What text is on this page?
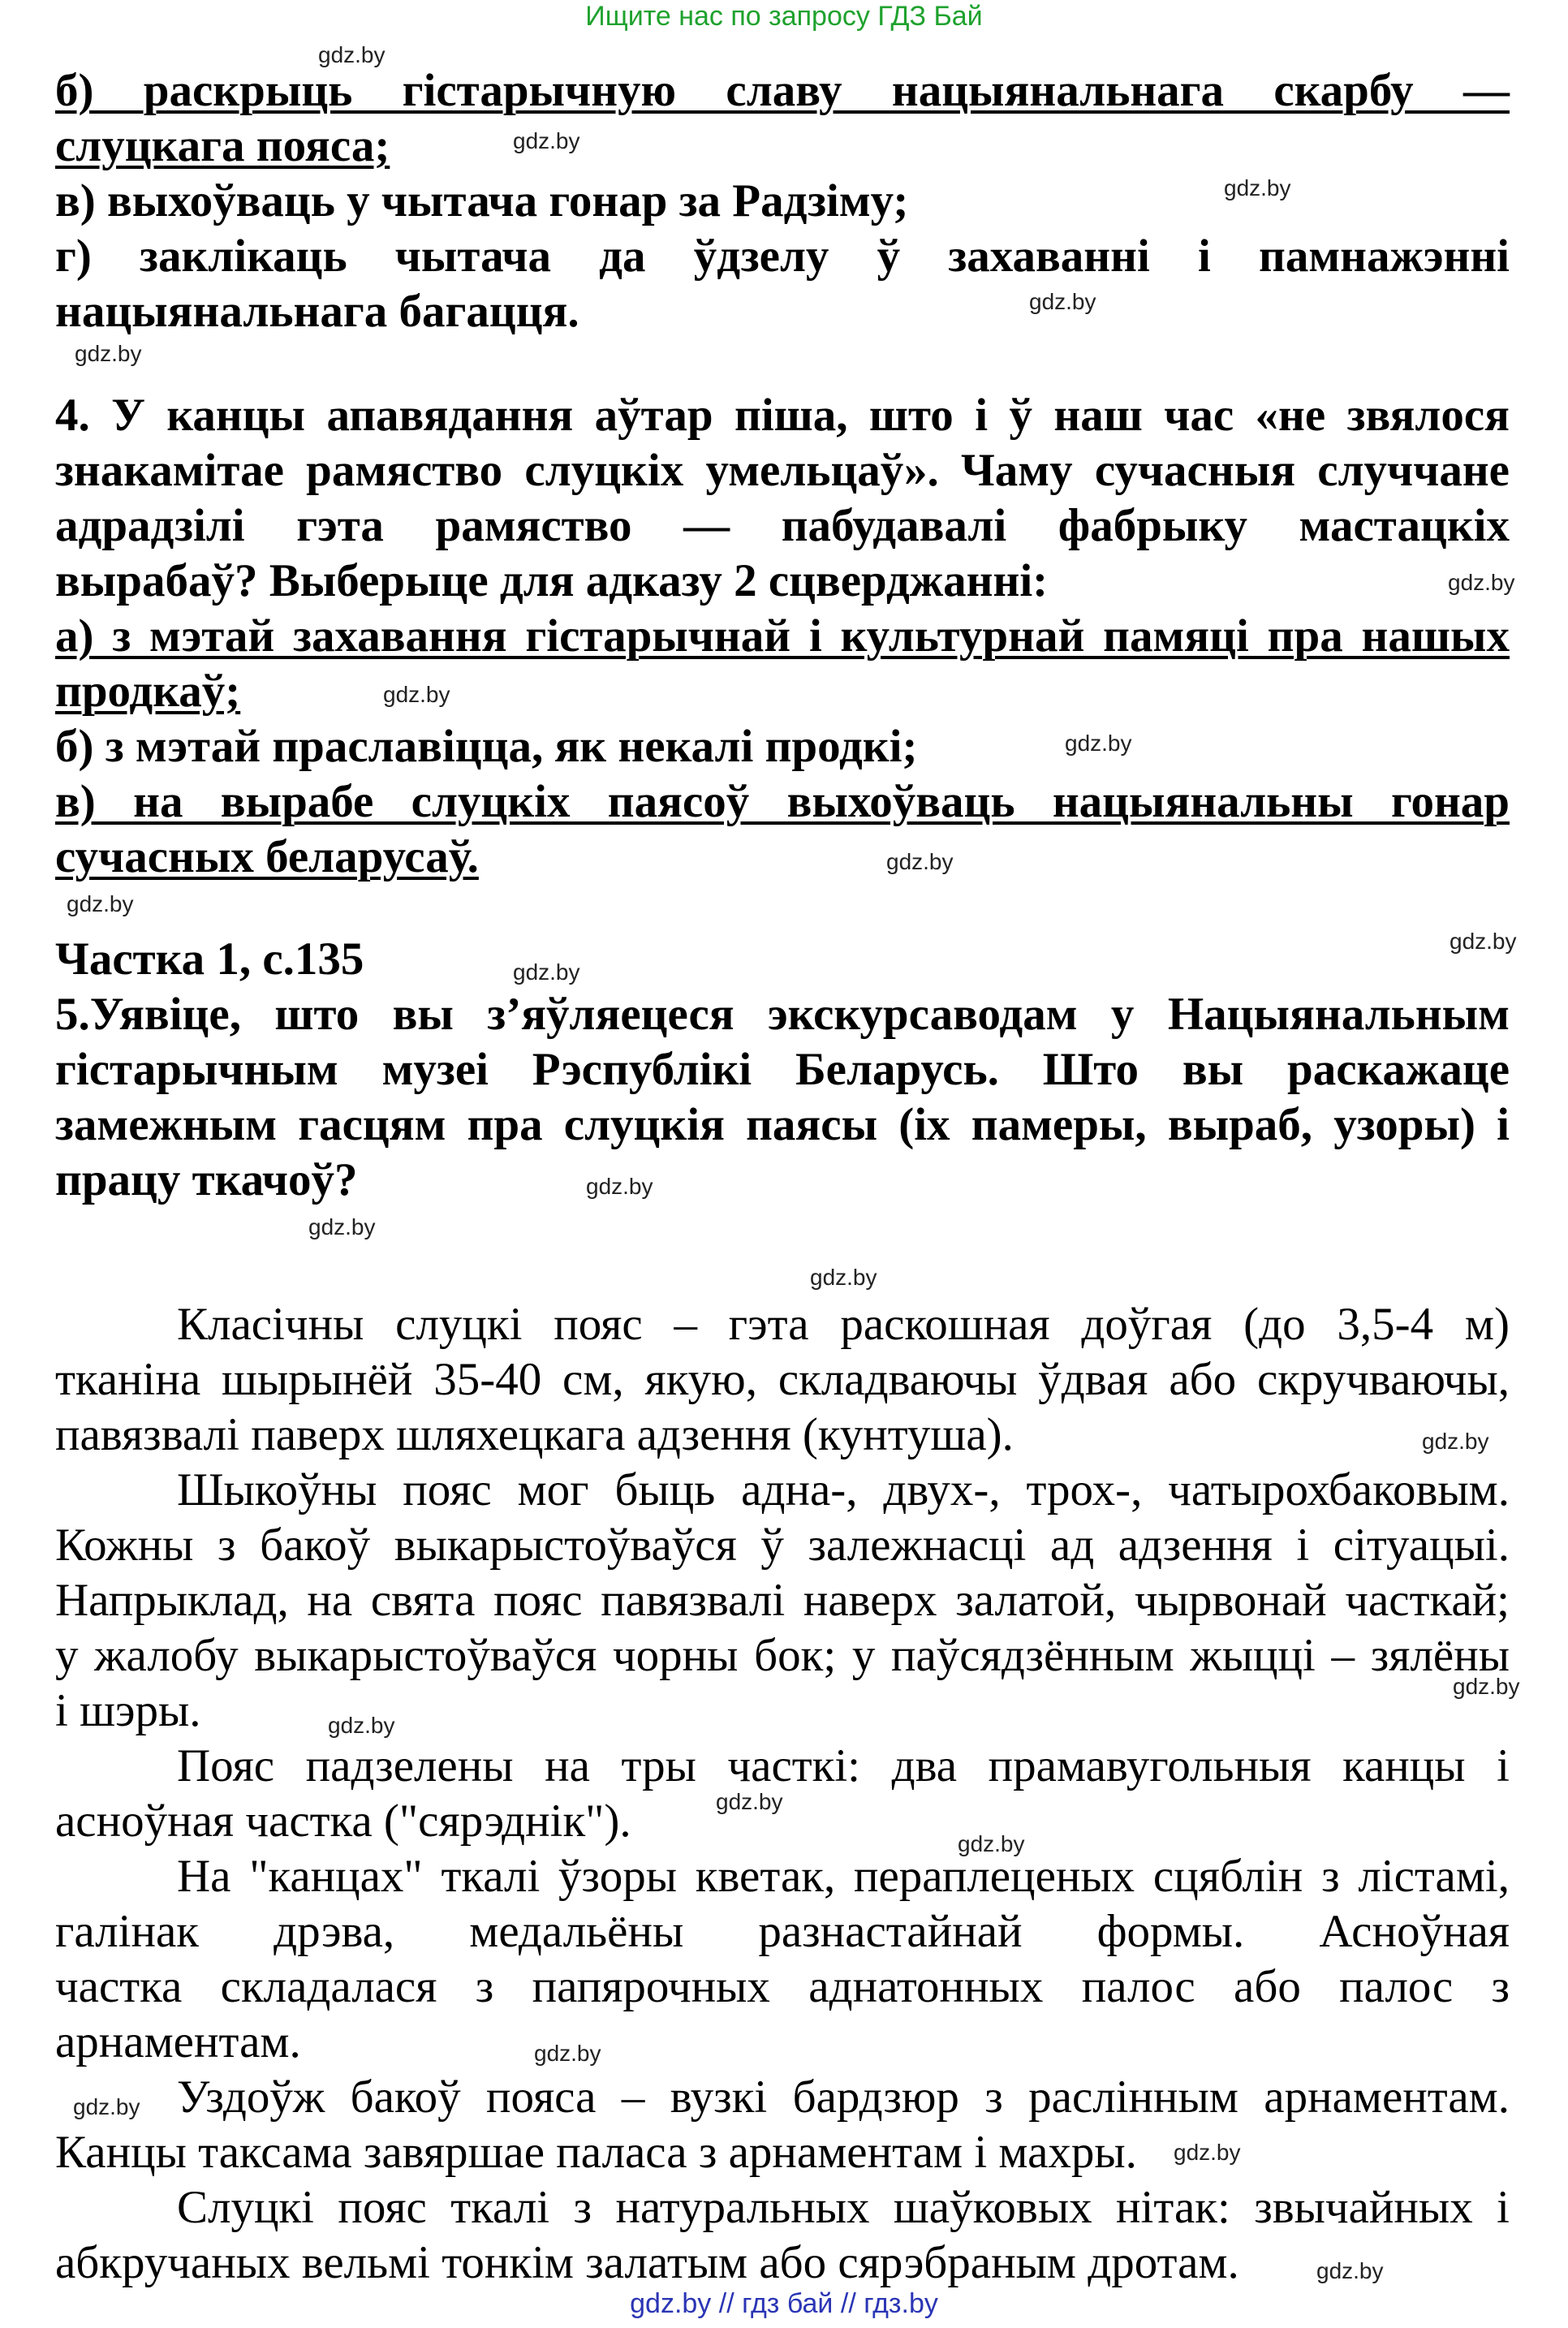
Ищите нас по запросу ГДЗ Бай
б) раскрыць гістарычную славу нацыянальнага скарбу —
слуцкага пояса;
в) выхоўваць у чытача гонар за Радзіму;
г) заклікаць чытача да ўдзелу ў захаванні і памнажэнні
нацыянальнага багацця.
4. У канцы апавядання аўтар піша, што і ў наш час «не звялося
знакамітае рамяство слуцкіх умельцаў». Чаму сучасныя случчане
адрадзілі гэта рамяство — пабудавалі фабрыку мастацкіх
вырабаў? Выберыце для адказу 2 сцверджанні:
а) з мэтай захавання гістарычнай і культурнай памяці пра нашых
продкаў;
б) з мэтай праславіцца, як некалі продкі;
в) на вырабе слуцкіх паясоў выхоўваць нацыянальны гонар
сучасных беларусаў.
Частка 1, с.135
5.Уявіце, што вы з’яўляецеся экскурсаводам у Нацыянальным
гістарычным музеі Рэспублікі Беларусь. Што вы раскажаце
замежным гасцям пра слуцкія паясы (іх памеры, выраб, узоры) і
працу ткачоў?
Класічны слуцкі пояс – гэта раскошная доўгая (до 3,5-4 м)
тканіна шырынёй 35-40 см, якую, складваючы ўдвая або скручваючы,
павязвалі паверх шляхецкага адзення (кунтуша).
Шыкоўны пояс мог быць адна-, двух-, трох-, чатырохбаковым.
Кожны з бакоў выкарыстоўваўся ў залежнасці ад адзення і сітуацыі.
Напрыклад, на свята пояс павязвалі наверх залатой, чырвонай часткай;
у жалобу выкарыстоўваўся чорны бок; у паўсядзённым жыцці – зялёны
і шэры.
Пояс падзелены на тры часткі: два прамавугольныя канцы і
асноўная частка ("сярэднік").
На "канцах" ткалі ўзоры кветак, пераплеценых сцяблін з лістамі,
галінак дрэва, медальёны разнастайнай формы. Асноўная
частка складалася з папярочных аднатонных палос або палос з
арнаментам.
Уздоўж бакоў пояса – вузкі бардзюр з раслінным арнаментам.
Канцы таксама завяршае паласа з арнаментам і махры.
Слуцкі пояс ткалі з натуральных шаўковых нітак: звычайных і
абкручаных вельмі тонкім залатым або сярэбраным дротам.
gdz.by
gdz.by
gdz.by
gdz.by
gdz.by
gdz.by
gdz.by
gdz.by
gdz.by
gdz.by
gdz.by
gdz.by
gdz.by
gdz.by
gdz.by
gdz.by
gdz.by
gdz.by
gdz.by
gdz.by
gdz.by
gdz.by
gdz.by
gdz.by
gdz.by // гдз бай // гдз.by
